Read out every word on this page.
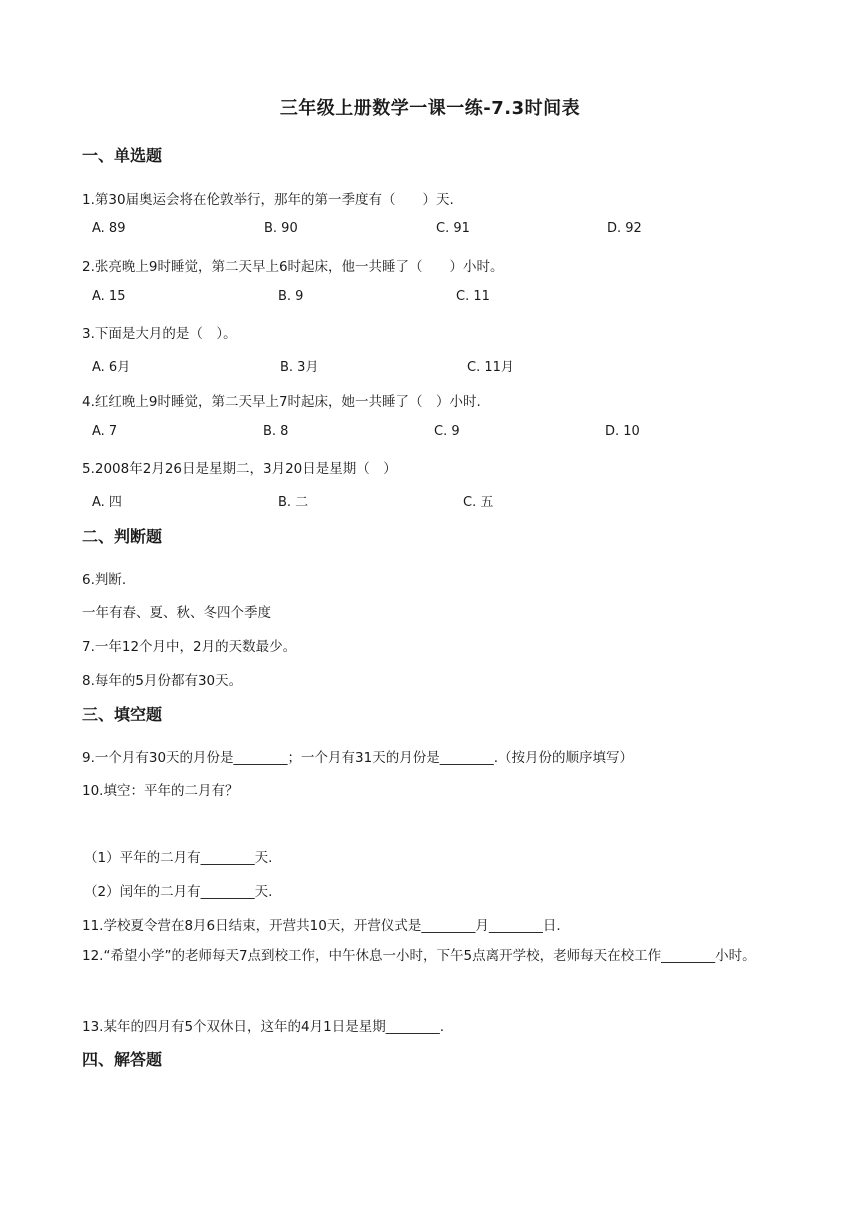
三年级上册数学一课一练-7.3时间表
一、单选题
1.第30届奥运会将在伦敦举行，那年的第一季度有（　　）天.
A. 89	B. 90	C. 91	D. 92
2.张亮晚上9时睡觉，第二天早上6时起床，他一共睡了（　　）小时。
A. 15	B. 9	C. 11
3.下面是大月的是（　）。
A. 6月	B. 3月	C. 11月
4.红红晚上9时睡觉，第二天早上7时起床，她一共睡了（　）小时.
A. 7	B. 8	C. 9	D. 10
5.2008年2月26日是星期二，3月20日是星期（　）
A. 四	B. 二	C. 五
二、判断题
6.判断.
一年有春、夏、秋、冬四个季度
7.一年12个月中，2月的天数最少。
8.每年的5月份都有30天。
三、填空题
9.一个月有30天的月份是________；一个月有31天的月份是________.（按月份的顺序填写）
10.填空：平年的二月有？
（1）平年的二月有________天.
（2）闰年的二月有________天.
11.学校夏令营在8月6日结束，开营共10天，开营仪式是________月________日.
12.“希望小学”的老师每天7点到校工作，中午休息一小时，下午5点离开学校，老师每天在校工作________小时。
13.某年的四月有5个双休日，这年的4月1日是星期________.
四、解答题
